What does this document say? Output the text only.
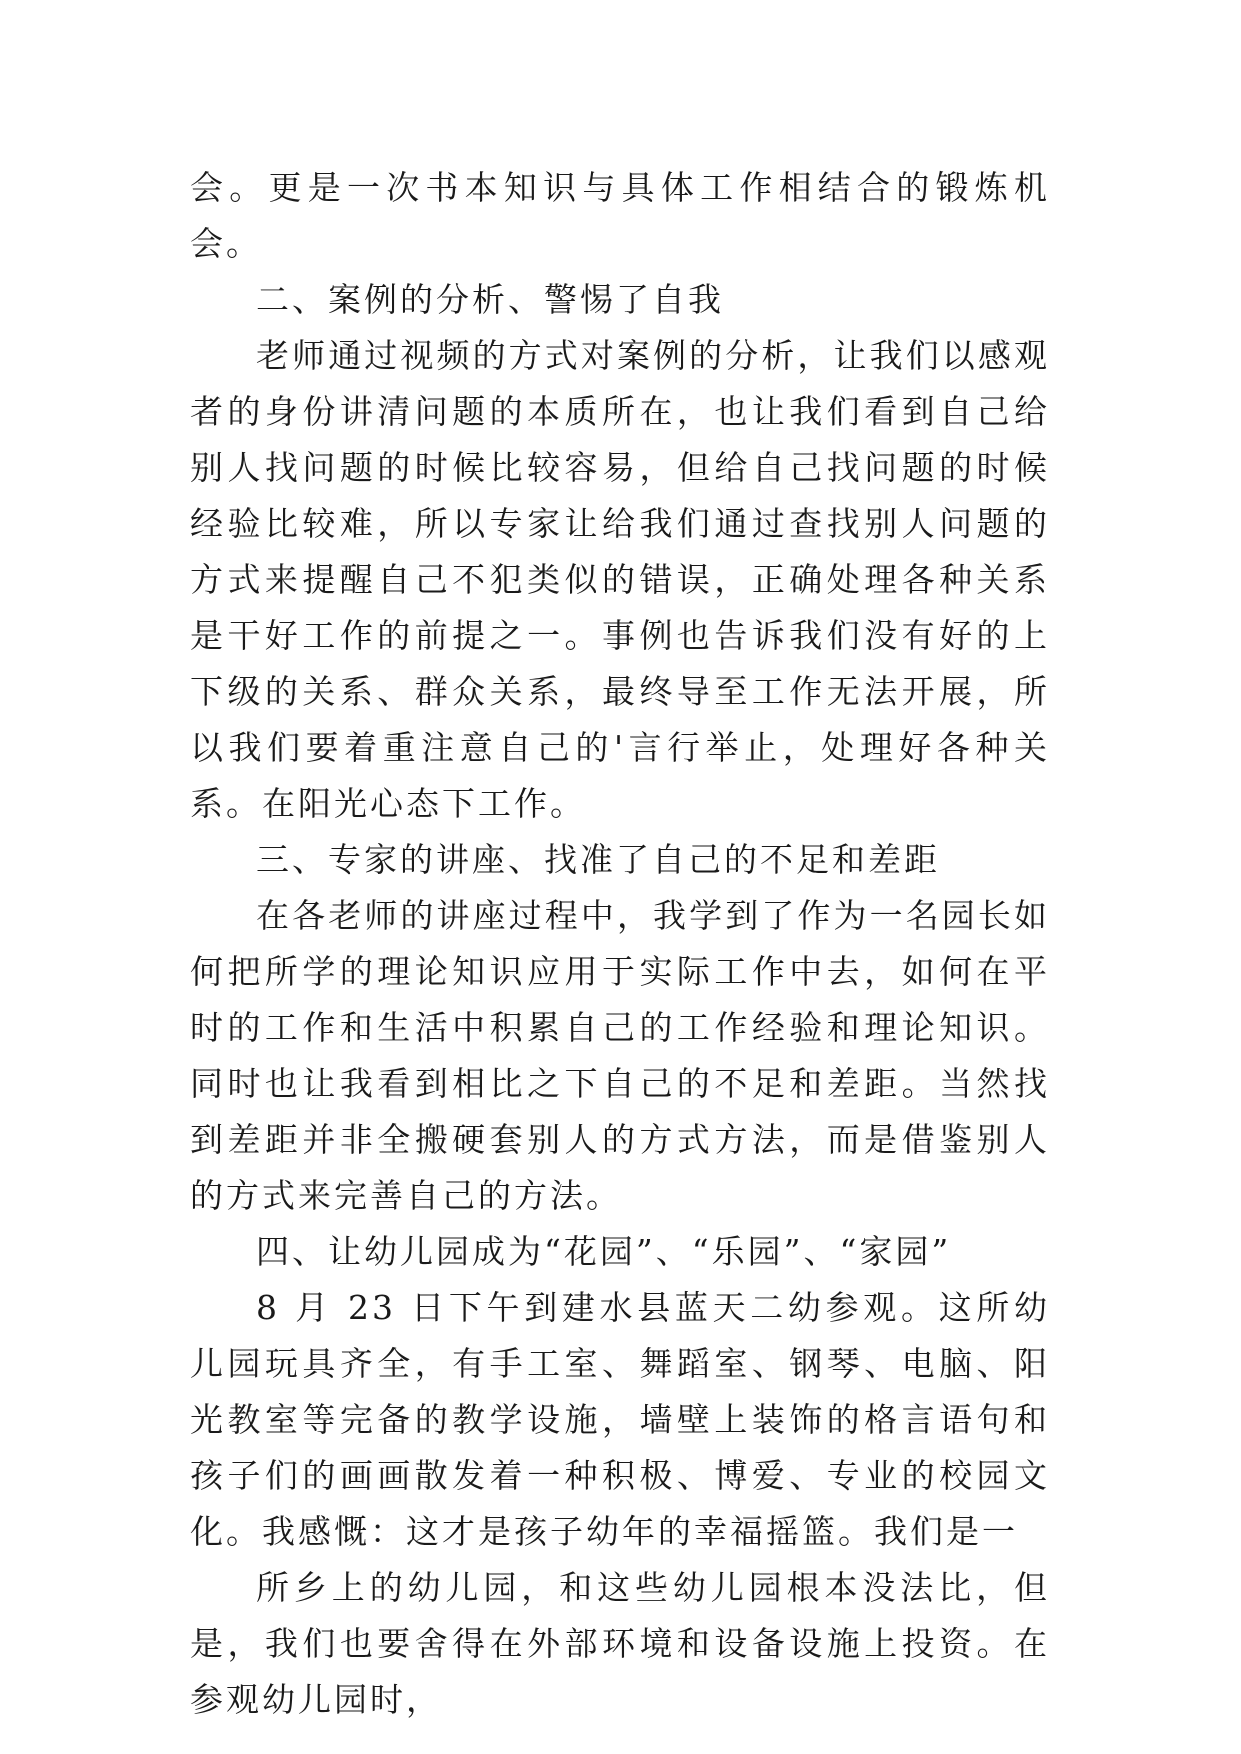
会。更是一次书本知识与具体工作相结合的锻炼机会。

二、案例的分析、警惕了自我

老师通过视频的方式对案例的分析，让我们以感观者的身份讲清问题的本质所在，也让我们看到自己给别人找问题的时候比较容易，但给自己找问题的时候经验比较难，所以专家让给我们通过查找别人问题的方式来提醒自己不犯类似的错误，正确处理各种关系是干好工作的前提之一。事例也告诉我们没有好的上下级的关系、群众关系，最终导至工作无法开展，所以我们要着重注意自己的'言行举止，处理好各种关系。在阳光心态下工作。

三、专家的讲座、找准了自己的不足和差距

在各老师的讲座过程中，我学到了作为一名园长如何把所学的理论知识应用于实际工作中去，如何在平时的工作和生活中积累自己的工作经验和理论知识。同时也让我看到相比之下自己的不足和差距。当然找到差距并非全搬硬套别人的方式方法，而是借鉴别人的方式来完善自己的方法。

四、让幼儿园成为“花园”、“乐园”、“家园”

8 月 23 日下午到建水县蓝天二幼参观。这所幼儿园玩具齐全，有手工室、舞蹈室、钢琴、电脑、阳光教室等完备的教学设施，墙壁上装饰的格言语句和孩子们的画画散发着一种积极、博爱、专业的校园文化。我感慨：这才是孩子幼年的幸福摇篮。我们是一

所乡上的幼儿园，和这些幼儿园根本没法比，但是，我们也要舍得在外部环境和设备设施上投资。在参观幼儿园时，
